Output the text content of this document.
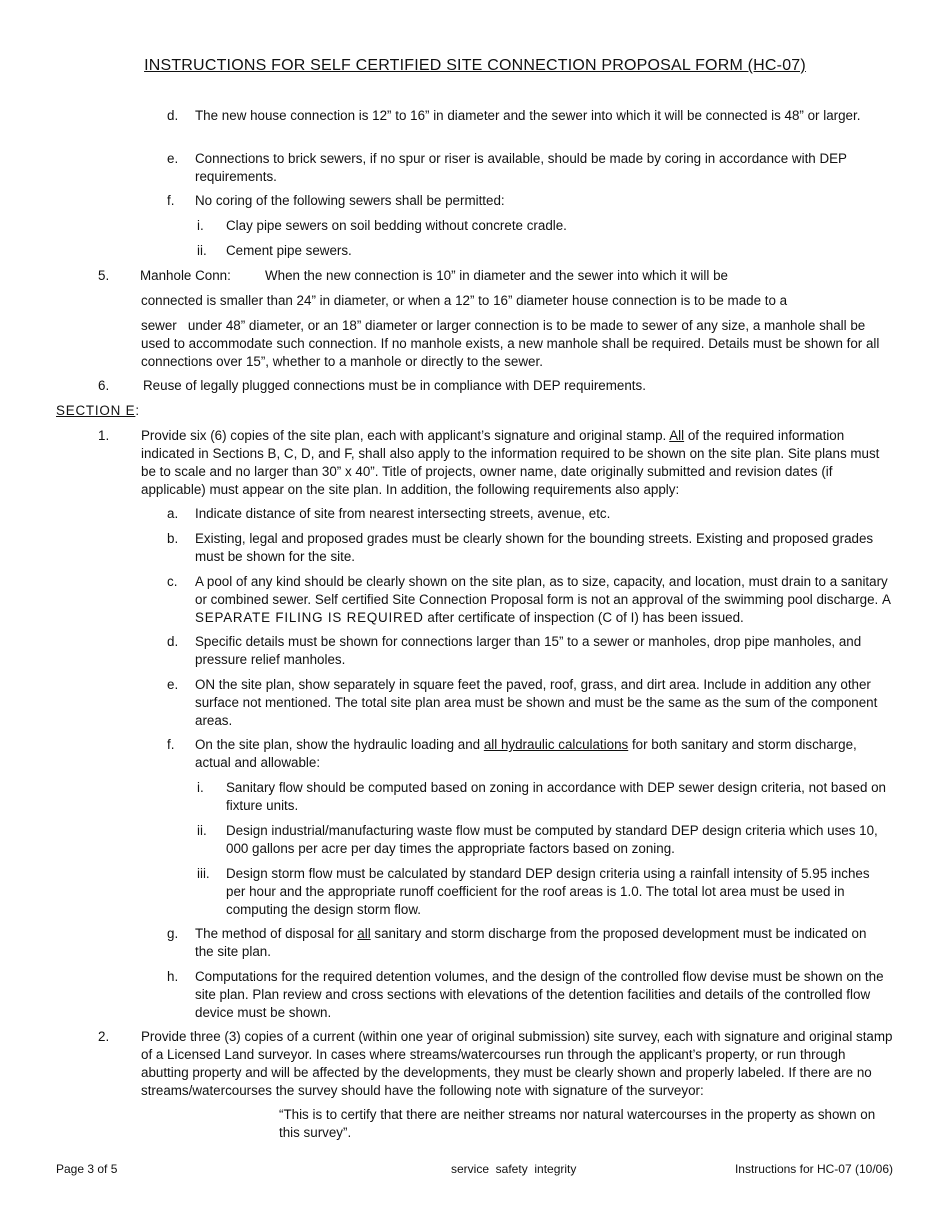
INSTRUCTIONS FOR SELF CERTIFIED SITE CONNECTION PROPOSAL FORM (HC-07)
d.	The new house connection is 12” to 16” in diameter and the sewer into which it will be connected is 48” or larger.
e.	Connections to brick sewers, if no spur or riser is available, should be made by coring in accordance with DEP requirements.
f.	No coring of the following sewers shall be permitted:
i.	Clay pipe sewers on soil bedding without concrete cradle.
ii.	Cement pipe sewers.
5.	Manhole Conn:	When the new connection is 10” in diameter and the sewer into which it will be
connected is smaller than 24” in diameter, or when a 12” to 16” diameter house connection is to be made to a
sewer   under 48” diameter, or an 18” diameter or larger connection is to be made to sewer of any size, a manhole shall be used to accommodate such connection. If no manhole exists, a new manhole shall be required. Details must be shown for all connections over 15”, whether to a manhole or directly to the sewer.
6.	Reuse of legally plugged connections must be in compliance with DEP requirements.
SECTION E :
1.	Provide six (6) copies of the site plan, each with applicant’s signature and original stamp. All of the required information indicated in Sections B, C, D, and F, shall also apply to the information required to be shown on the site plan. Site plans must be to scale and no larger than 30” x 40”. Title of projects, owner name, date originally submitted and revision dates (if applicable) must appear on the site plan. In addition, the following requirements also apply:
a.	Indicate distance of site from nearest intersecting streets, avenue, etc.
b.	Existing, legal and proposed grades must be clearly shown for the bounding streets. Existing and proposed grades must be shown for the site.
c.	A pool of any kind should be clearly shown on the site plan, as to size, capacity, and location, must drain to a sanitary or combined sewer. Self certified Site Connection Proposal form is not an approval of the swimming pool discharge. A SEPARATE FILING IS REQUIRED after certificate of inspection (C of I) has been issued.
d.	Specific details must be shown for connections larger than 15” to a sewer or manholes, drop pipe manholes, and pressure relief manholes.
e.	ON the site plan, show separately in square feet the paved, roof, grass, and dirt area. Include in addition any other surface not mentioned. The total site plan area must be shown and must be the same as the sum of the component areas.
f.	On the site plan, show the hydraulic loading and all hydraulic calculations for both sanitary and storm discharge, actual and allowable:
i.	Sanitary flow should be computed based on zoning in accordance with DEP sewer design criteria, not based on fixture units.
ii.	Design industrial/manufacturing waste flow must be computed by standard DEP design criteria which uses 10, 000 gallons per acre per day times the appropriate factors based on zoning.
iii.	Design storm flow must be calculated by standard DEP design criteria using a rainfall intensity of 5.95 inches per hour and the appropriate runoff coefficient for the roof areas is 1.0. The total lot area must be used in computing the design storm flow.
g.	The method of disposal for all sanitary and storm discharge from the proposed development must be indicated on the site plan.
h.	Computations for the required detention volumes, and the design of the controlled flow devise must be shown on the site plan. Plan review and cross sections with elevations of the detention facilities and details of the controlled flow device must be shown.
2.	Provide three (3) copies of a current (within one year of original submission) site survey, each with signature and original stamp of a Licensed Land surveyor. In cases where streams/watercourses run through the applicant’s property, or run through abutting property and will be affected by the developments, they must be clearly shown and properly labeled. If there are no streams/watercourses the survey should have the following note with signature of the surveyor:
“This is to certify that there are neither streams nor natural watercourses in the property as shown on this survey”.
Page 3 of 5	service  safety  integrity	Instructions for HC-07 (10/06)
